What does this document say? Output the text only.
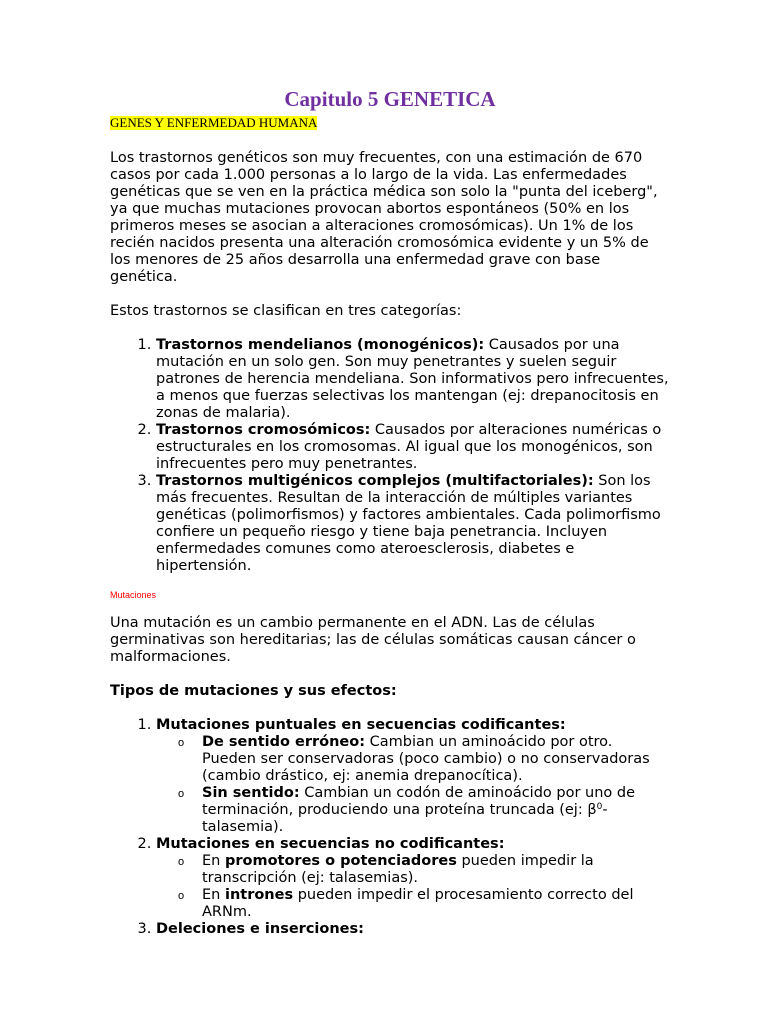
Capitulo 5 GENETICA
GENES Y ENFERMEDAD HUMANA

Los trastornos genéticos son muy frecuentes, con una estimación de 670 casos por cada 1.000 personas a lo largo de la vida. Las enfermedades genéticas que se ven en la práctica médica son solo la "punta del iceberg", ya que muchas mutaciones provocan abortos espontáneos (50% en los primeros meses se asocian a alteraciones cromosómicas). Un 1% de los recién nacidos presenta una alteración cromosómica evidente y un 5% de los menores de 25 años desarrolla una enfermedad grave con base genética.

Estos trastornos se clasifican en tres categorías:

1. Trastornos mendelianos (monogénicos): Causados por una mutación en un solo gen. Son muy penetrantes y suelen seguir patrones de herencia mendeliana. Son informativos pero infrecuentes, a menos que fuerzas selectivas los mantengan (ej: drepanocitosis en zonas de malaria).
2. Trastornos cromosómicos: Causados por alteraciones numéricas o estructurales en los cromosomas. Al igual que los monogénicos, son infrecuentes pero muy penetrantes.
3. Trastornos multigénicos complejos (multifactoriales): Son los más frecuentes. Resultan de la interacción de múltiples variantes genéticas (polimorfismos) y factores ambientales. Cada polimorfismo confiere un pequeño riesgo y tiene baja penetrancia. Incluyen enfermedades comunes como ateroesclerosis, diabetes e hipertensión.

Mutaciones

Una mutación es un cambio permanente en el ADN. Las de células germinativas son hereditarias; las de células somáticas causan cáncer o malformaciones.

Tipos de mutaciones y sus efectos:

1. Mutaciones puntuales en secuencias codificantes:
o De sentido erróneo: Cambian un aminoácido por otro. Pueden ser conservadoras (poco cambio) o no conservadoras (cambio drástico, ej: anemia drepanocítica).
o Sin sentido: Cambian un codón de aminoácido por uno de terminación, produciendo una proteína truncada (ej: $\beta^0-talasemia$).
2. Mutaciones en secuencias no codificantes:
o En promotores o potenciadores pueden impedir la transcripción (ej: talasemias).
o En intrones pueden impedir el procesamiento correcto del ARNm.
3. Deleciones e inserciones:
